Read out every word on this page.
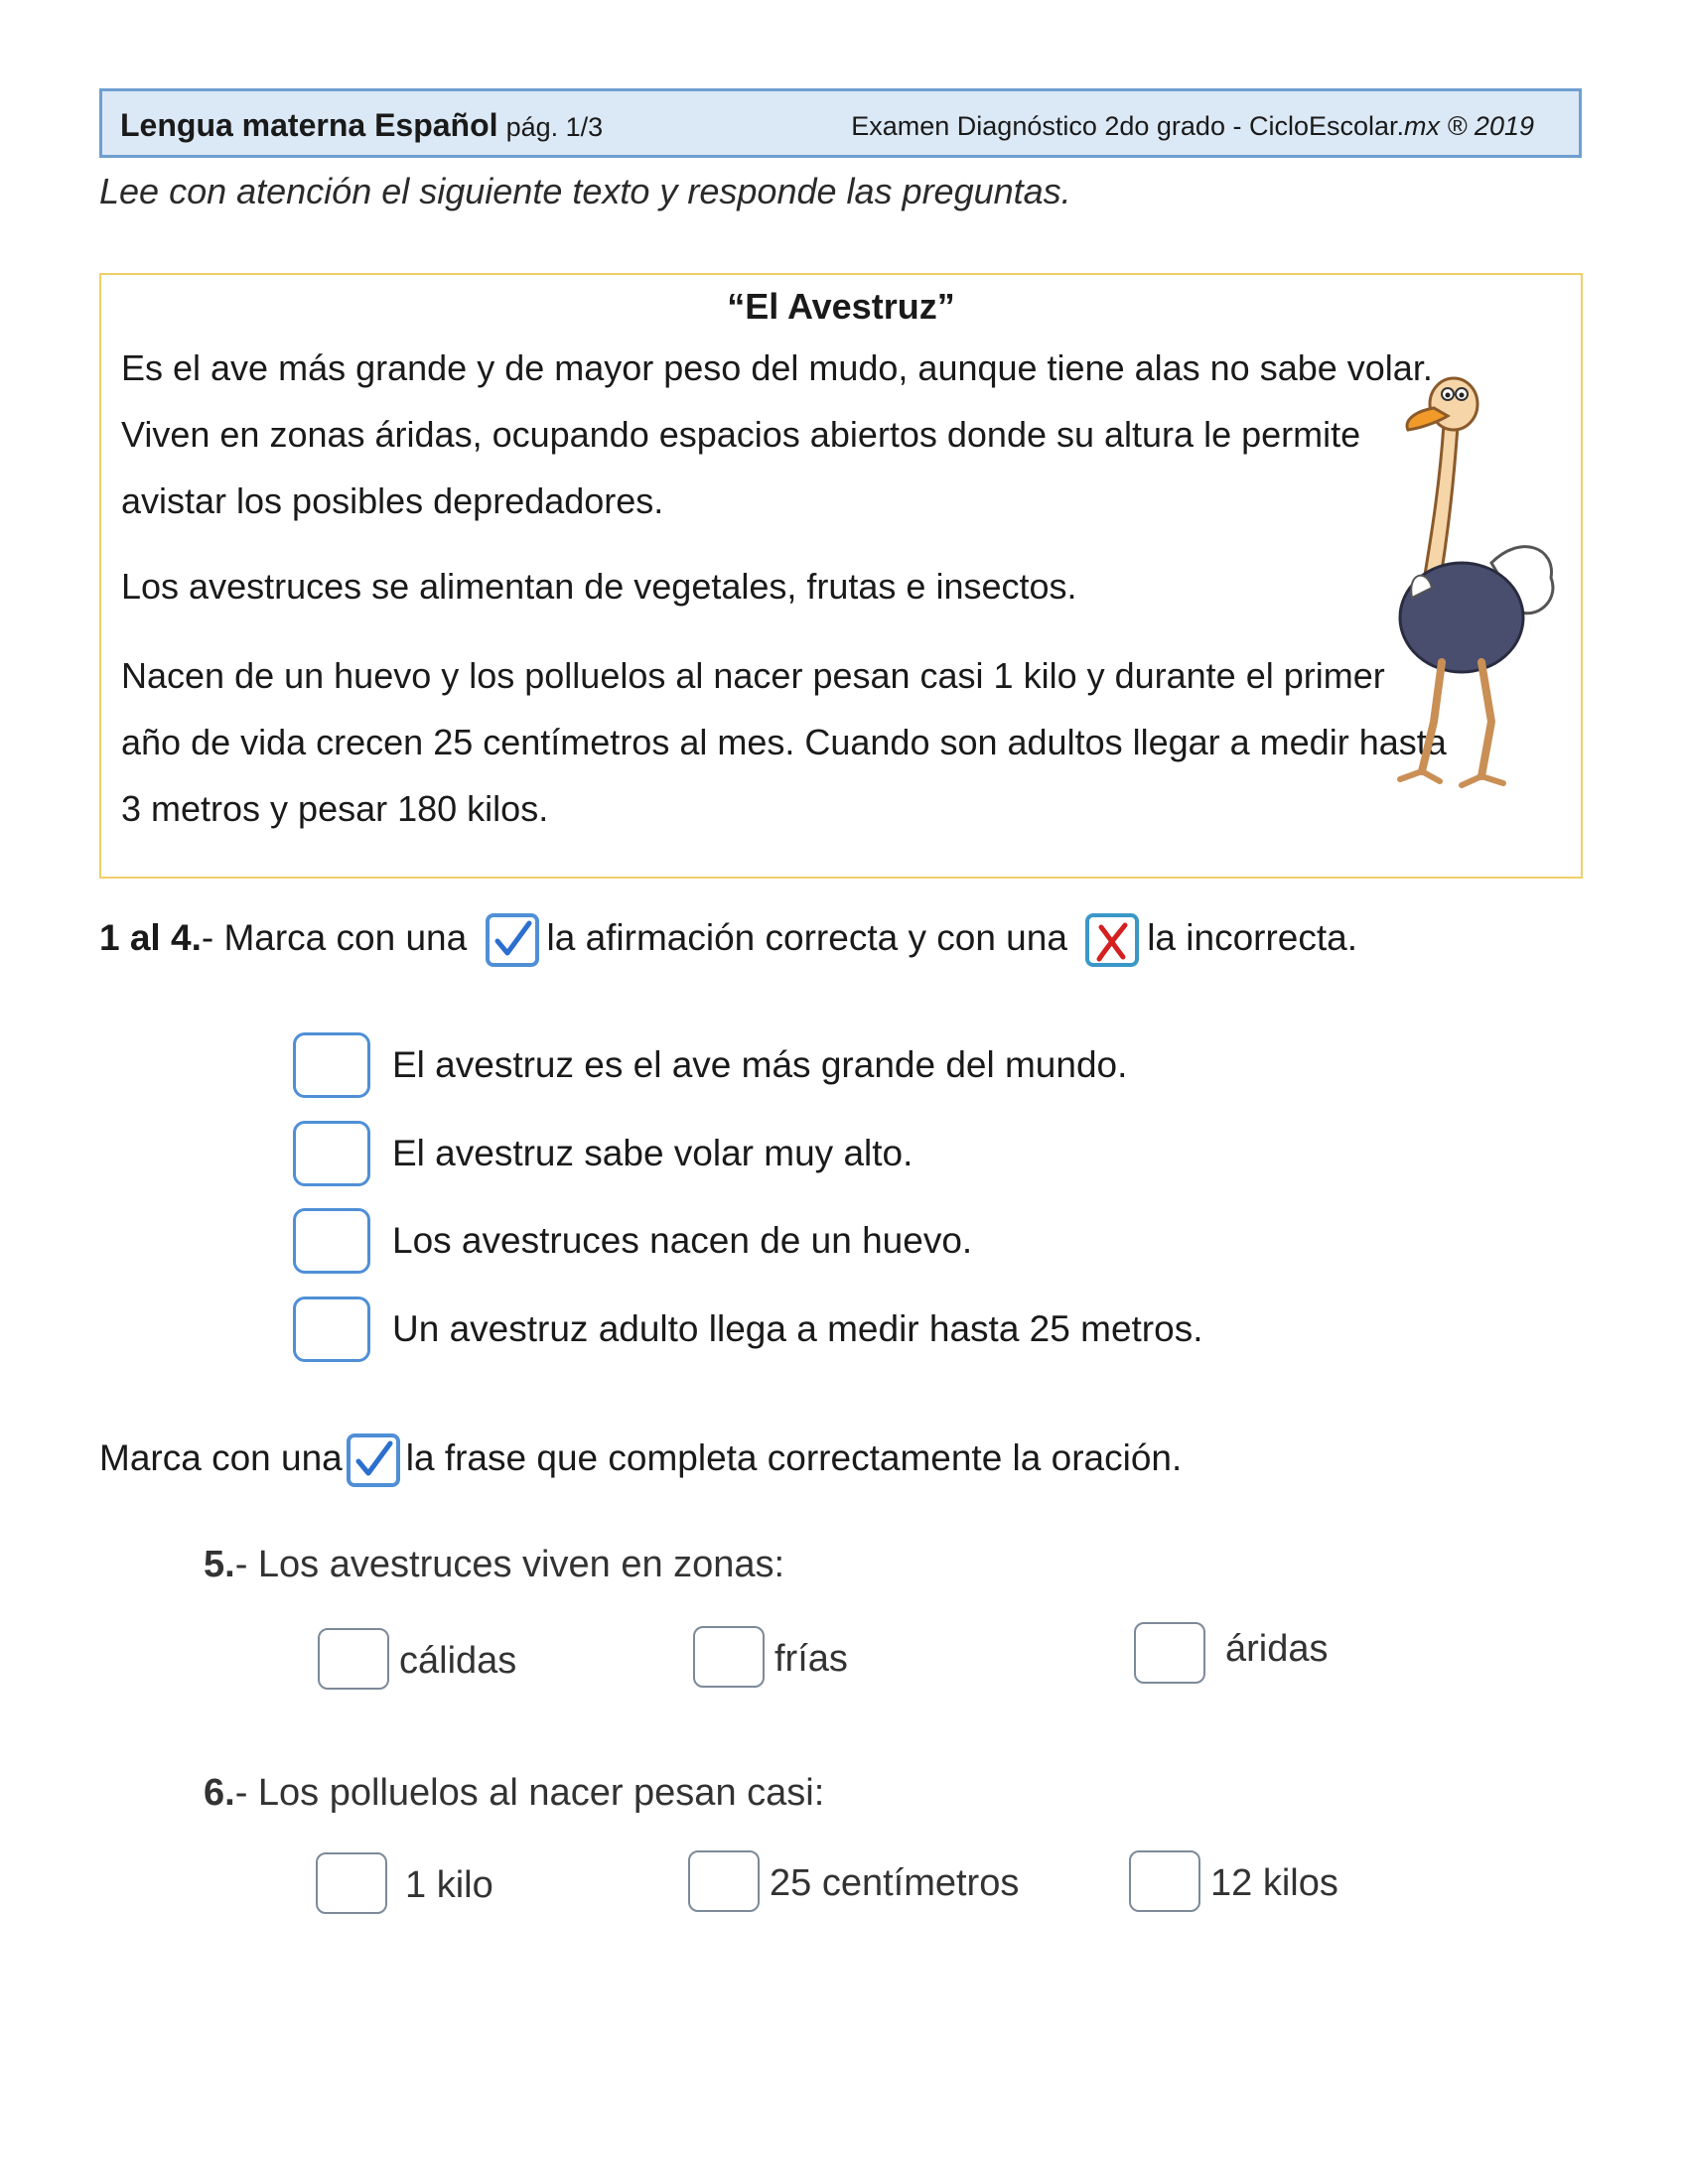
Lengua materna Español pág. 1/3	Examen Diagnóstico 2do grado - CicloEscolar.mx ® 2019
Lee con atención el siguiente texto y responde las preguntas.
“El Avestruz”
Es el ave más grande y de mayor peso del mudo, aunque tiene alas no sabe volar. Viven en zonas áridas, ocupando espacios abiertos donde su altura le permite avistar los posibles depredadores.
Los avestruces se alimentan de vegetales, frutas e insectos.
Nacen de un huevo y los polluelos al nacer pesan casi 1 kilo y durante el primer año de vida crecen 25 centímetros al mes. Cuando son adultos llegar a medir hasta 3 metros y pesar 180 kilos.
1 al 4.- Marca con una la afirmación correcta y con una la incorrecta.
El avestruz es el ave más grande del mundo.
El avestruz sabe volar muy alto.
Los avestruces nacen de un huevo.
Un avestruz adulto llega a medir hasta 25 metros.
Marca con una la frase que completa correctamente la oración.
5.- Los avestruces viven en zonas:
cálidas	frías	áridas
6.- Los polluelos al nacer pesan casi:
1 kilo	25 centímetros	12 kilos
